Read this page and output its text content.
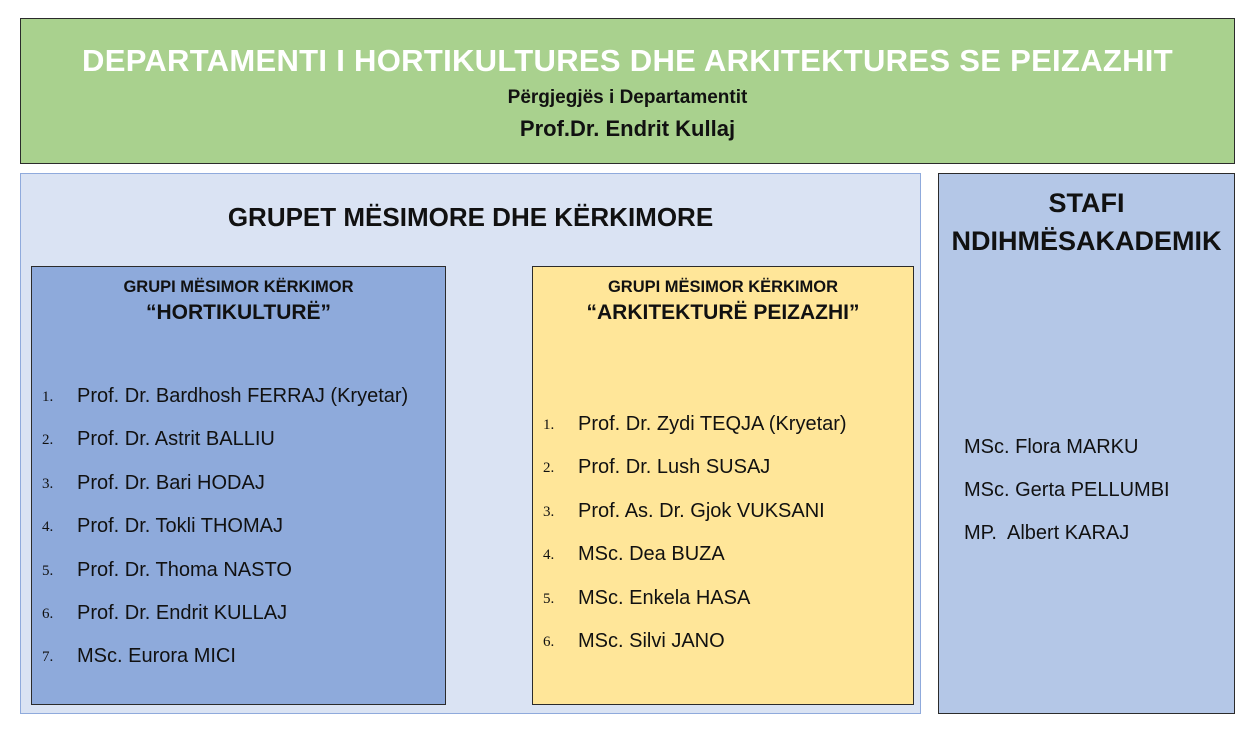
DEPARTAMENTI I HORTIKULTURES DHE ARKITEKTURES SE PEIZAZHIT
Përgjegjës i Departamentit
Prof.Dr. Endrit Kullaj
GRUPET MËSIMORE DHE KËRKIMORE
GRUPI MËSIMOR KËRKIMOR
“HORTIKULTURË”
1. Prof. Dr. Bardhosh FERRAJ (Kryetar)
2. Prof. Dr. Astrit BALLIU
3. Prof. Dr. Bari HODAJ
4. Prof. Dr. Tokli THOMAJ
5. Prof. Dr. Thoma NASTO
6. Prof. Dr. Endrit KULLAJ
7. MSc. Eurora MICI
GRUPI MËSIMOR KËRKIMOR
“ARKITEKTURË PEIZAZHI”
1. Prof. Dr. Zydi TEQJA (Kryetar)
2. Prof. Dr. Lush SUSAJ
3. Prof. As. Dr. Gjok VUKSANI
4. MSc. Dea BUZA
5. MSc. Enkela HASA
6. MSc. Silvi JANO
STAFI
NDIHMËSAKADEMIK
MSc. Flora MARKU
MSc. Gerta PELLUMBI
MP.  Albert KARAJ
